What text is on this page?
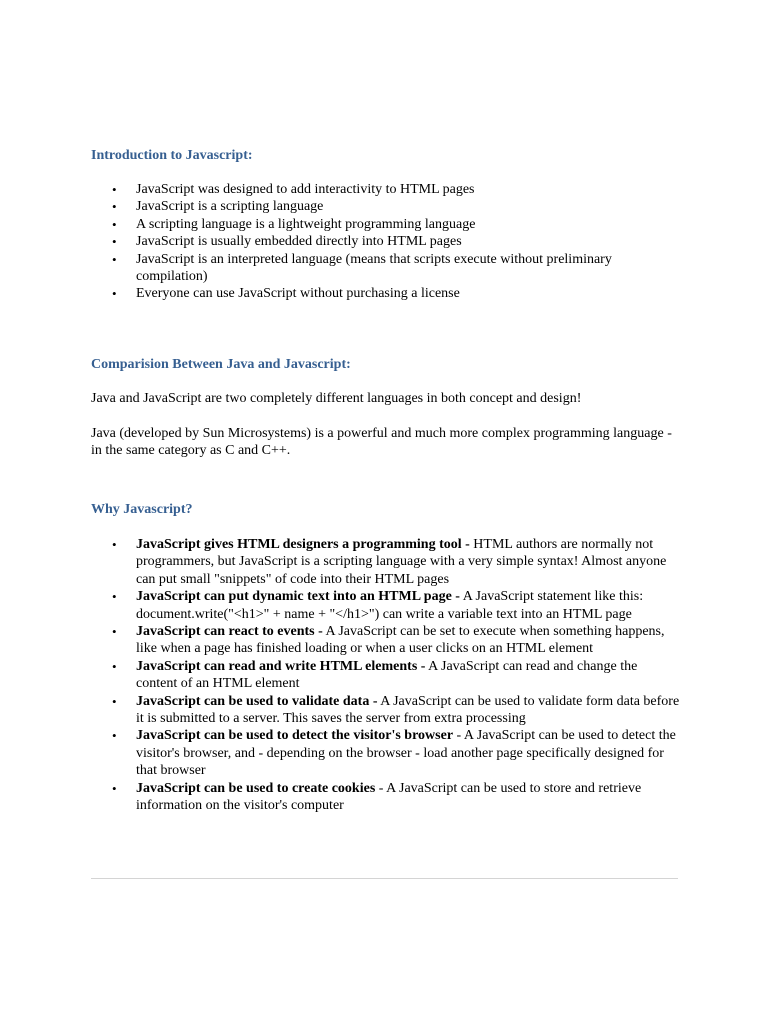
Introduction to Javascript:
• JavaScript was designed to add interactivity to HTML pages
• JavaScript is a scripting language
• A scripting language is a lightweight programming language
• JavaScript is usually embedded directly into HTML pages
• JavaScript is an interpreted language (means that scripts execute without preliminary compilation)
• Everyone can use JavaScript without purchasing a license
Comparision Between Java and Javascript:

Java and JavaScript are two completely different languages in both concept and design!

Java (developed by Sun Microsystems) is a powerful and much more complex programming language - in the same category as C and C++.

Why Javascript?
• JavaScript gives HTML designers a programming tool - HTML authors are normally not programmers, but JavaScript is a scripting language with a very simple syntax! Almost anyone can put small "snippets" of code into their HTML pages
• JavaScript can put dynamic text into an HTML page - A JavaScript statement like this: document.write("<h1>" + name + "</h1>") can write a variable text into an HTML page
• JavaScript can react to events - A JavaScript can be set to execute when something happens, like when a page has finished loading or when a user clicks on an HTML element
• JavaScript can read and write HTML elements - A JavaScript can read and change the content of an HTML element
• JavaScript can be used to validate data - A JavaScript can be used to validate form data before it is submitted to a server. This saves the server from extra processing
• JavaScript can be used to detect the visitor's browser - A JavaScript can be used to detect the visitor's browser, and - depending on the browser - load another page specifically designed for that browser
• JavaScript can be used to create cookies - A JavaScript can be used to store and retrieve information on the visitor's computer
